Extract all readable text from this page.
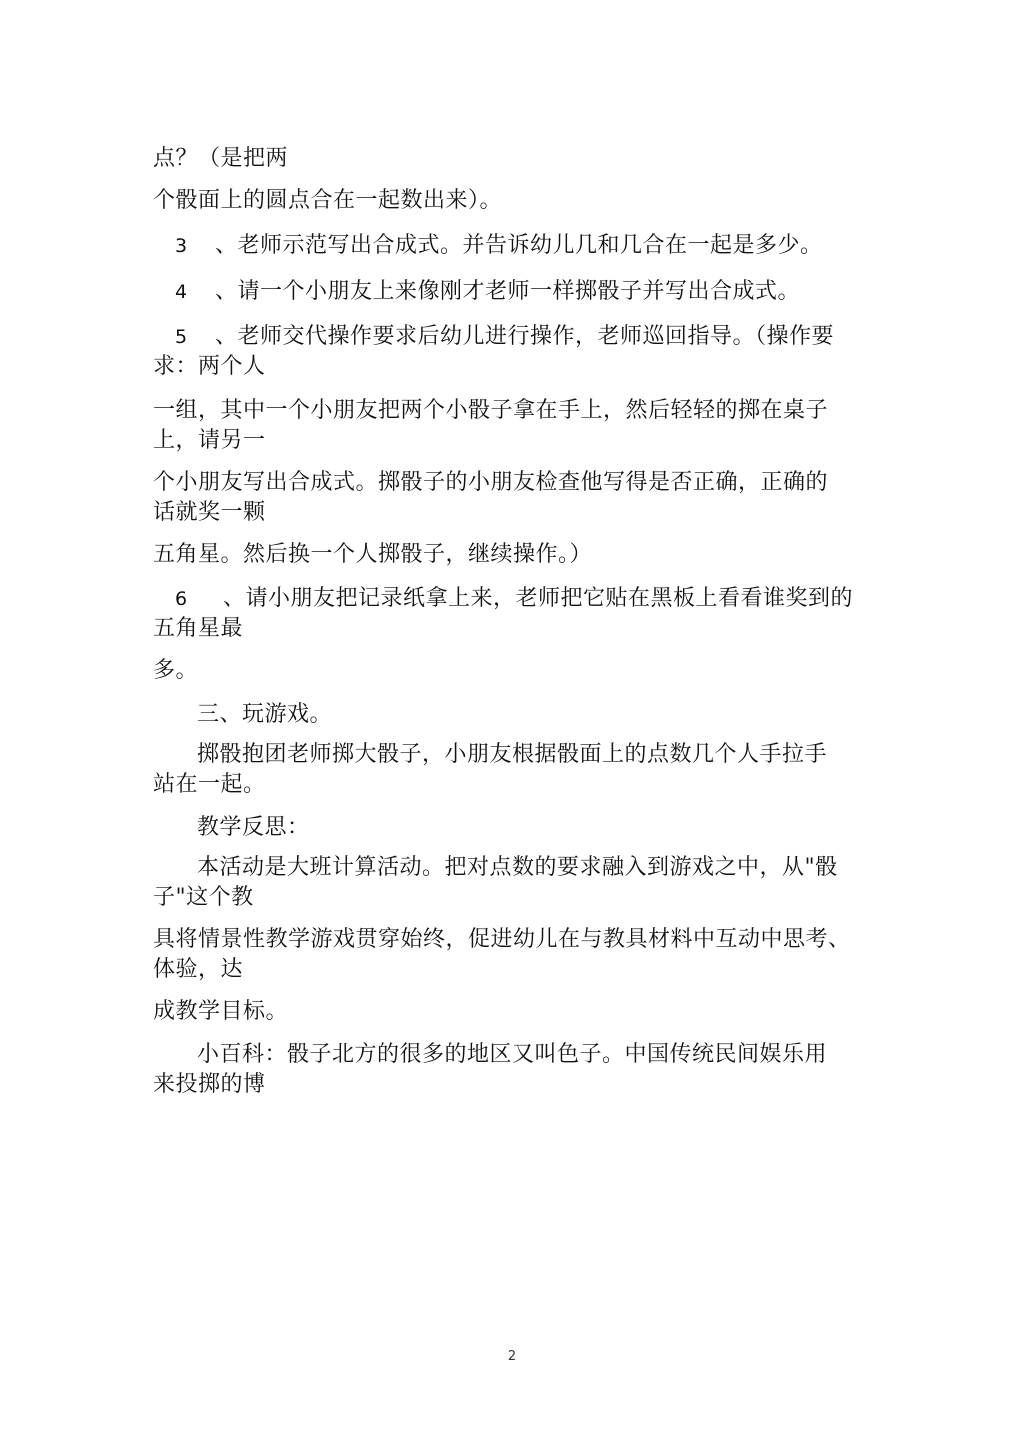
点？（是把两
个骰面上的圆点合在一起数出来）。
3 、老师示范写出合成式。并告诉幼儿几和几合在一起是多少。
4 、请一个小朋友上来像刚才老师一样掷骰子并写出合成式。
5 、老师交代操作要求后幼儿进行操作，老师巡回指导。（操作要
求：两个人
一组，其中一个小朋友把两个小骰子拿在手上，然后轻轻的掷在桌子
上，请另一
个小朋友写出合成式。掷骰子的小朋友检查他写得是否正确，正确的
话就奖一颗
五角星。然后换一个人掷骰子，继续操作。）
6 、请小朋友把记录纸拿上来，老师把它贴在黑板上看看谁奖到的
五角星最
多。
三、玩游戏。
掷骰抱团老师掷大骰子，小朋友根据骰面上的点数几个人手拉手
站在一起。
教学反思：
本活动是大班计算活动。把对点数的要求融入到游戏之中，从"骰
子"这个教
具将情景性教学游戏贯穿始终，促进幼儿在与教具材料中互动中思考、
体验，达
成教学目标。
小百科：骰子北方的很多的地区又叫色子。中国传统民间娱乐用
来投掷的博
2
